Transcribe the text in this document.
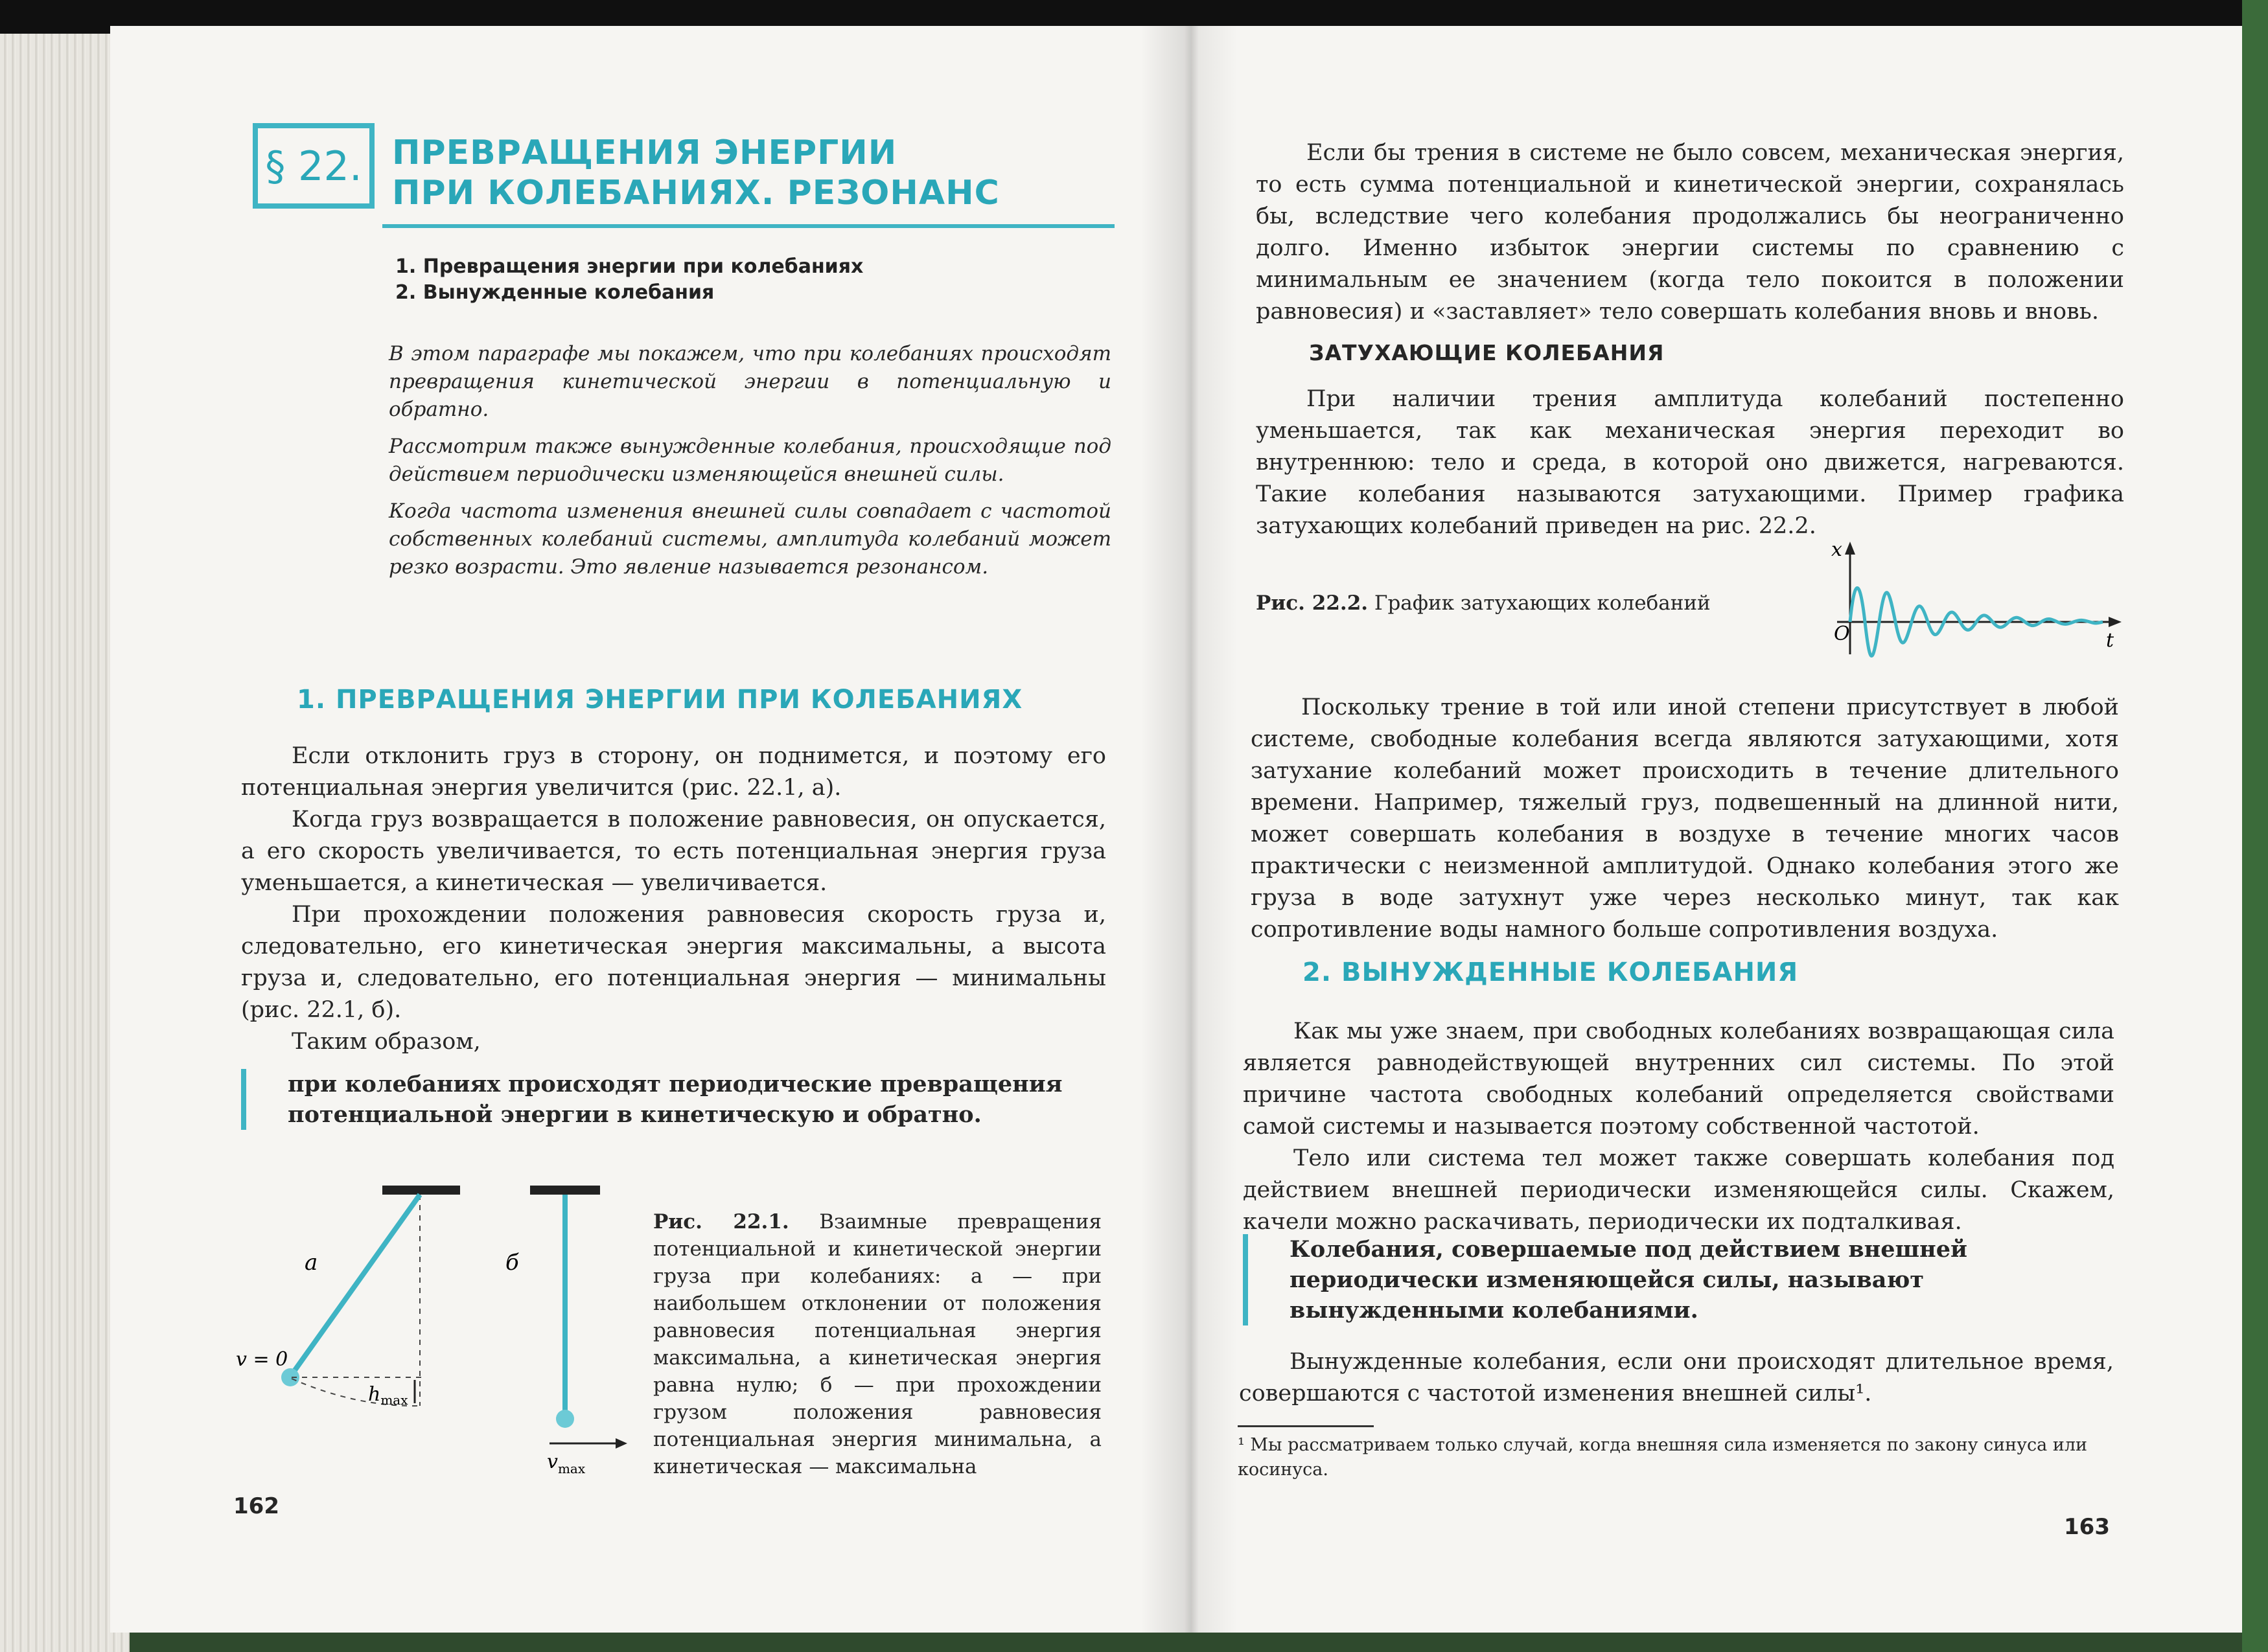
§ 22. ПРЕВРАЩЕНИЯ ЭНЕРГИИ
ПРИ КОЛЕБАНИЯХ. РЕЗОНАНС
1. Превращения энергии при колебаниях
2. Вынужденные колебания

В этом параграфе мы покажем, что при колебаниях происходят превращения кинетической энергии в потенциальную и обратно.

Рассмотрим также вынужденные колебания, происходящие под действием периодически изменяющейся внешней силы.

Когда частота изменения внешней силы совпадает с частотой собственных колебаний системы, амплитуда колебаний может резко возрасти. Это явление называется резонансом.

1. ПРЕВРАЩЕНИЯ ЭНЕРГИИ ПРИ КОЛЕБАНИЯХ

Если отклонить груз в сторону, он поднимется, и поэтому его потенциальная энергия увеличится (рис. 22.1, а).

Когда груз возвращается в положение равновесия, он опускается, а его скорость увеличивается, то есть потенциальная энергия груза уменьшается, а кинетическая — увеличивается.

При прохождении положения равновесия скорость груза и, следовательно, его кинетическая энергия максимальны, а высота груза и, следовательно, его потенциальная энергия — минимальны (рис. 22.1, б).

Таким образом,

при колебаниях происходят периодические превращения потенциальной энергии в кинетическую и обратно.
а
v = 0
$h_{max}$
б
$v_{max}$
Рис. 22.1. Взаимные превращения потенциальной и кинетической энергии груза при колебаниях: а — при наибольшем отклонении от положения равновесия потенциальная энергия максимальна, а кинетическая энергия равна нулю; б — при прохождении грузом положения равновесия потенциальная энергия минимальна, а кинетическая — максимальна
162

Если бы трения в системе не было совсем, механическая энергия, то есть сумма потенциальной и кинетической энергии, сохранялась бы, вследствие чего колебания продолжались бы неограниченно долго. Именно избыток энергии системы по сравнению с минимальным ее значением (когда тело покоится в положении равновесия) и «заставляет» тело совершать колебания вновь и вновь.

ЗАТУХАЮЩИЕ КОЛЕБАНИЯ

При наличии трения амплитуда колебаний постепенно уменьшается, так как механическая энергия переходит во внутреннюю: тело и среда, в которой оно движется, нагреваются. Такие колебания называются затухающими. Пример графика затухающих колебаний приведен на рис. 22.2.

Рис. 22.2. График затухающих колебаний
x
O	t

Поскольку трение в той или иной степени присутствует в любой системе, свободные колебания всегда являются затухающими, хотя затухание колебаний может происходить в течение длительного времени. Например, тяжелый груз, подвешенный на длинной нити, может совершать колебания в воздухе в течение многих часов практически с неизменной амплитудой. Однако колебания этого же груза в воде затухнут уже через несколько минут, так как сопротивление воды намного больше сопротивления воздуха.

2. ВЫНУЖДЕННЫЕ КОЛЕБАНИЯ

Как мы уже знаем, при свободных колебаниях возвращающая сила является равнодействующей внутренних сил системы. По этой причине частота свободных колебаний определяется свойствами самой системы и называется поэтому собственной частотой.

Тело или система тел может также совершать колебания под действием внешней периодически изменяющейся силы. Скажем, качели можно раскачивать, периодически их подталкивая.

Колебания, совершаемые под действием внешней периодически изменяющейся силы, называют вынужденными колебаниями.

Вынужденные колебания, если они происходят длительное время, совершаются с частотой изменения внешней силы¹.

¹ Мы рассматриваем только случай, когда внешняя сила изменяется по закону синуса или косинуса.
163
